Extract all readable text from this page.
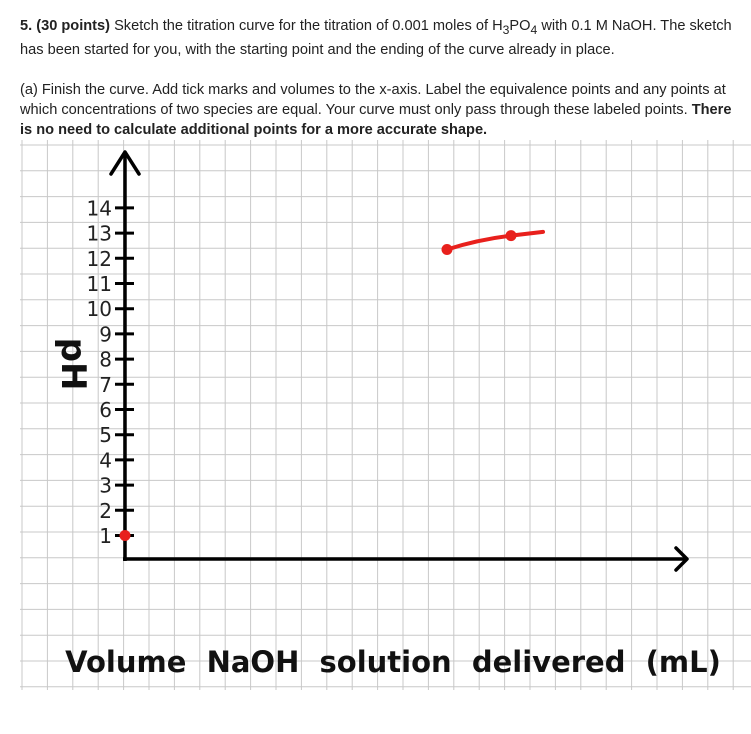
5. (30 points) Sketch the titration curve for the titration of 0.001 moles of $H_3PO_4$ with 0.1 M NaOH. The sketch has been started for you, with the starting point and the ending of the curve already in place.

(a) Finish the curve. Add tick marks and volumes to the x-axis. Label the equivalence points and any points at which concentrations of two species are equal. Your curve must only pass through these labeled points. There is no need to calculate additional points for a more accurate shape.

1
2
3
4
5
6
7
8
9
10
11
12
13
14
pH
Volume  NaOH  solution  delivered  (mL)
